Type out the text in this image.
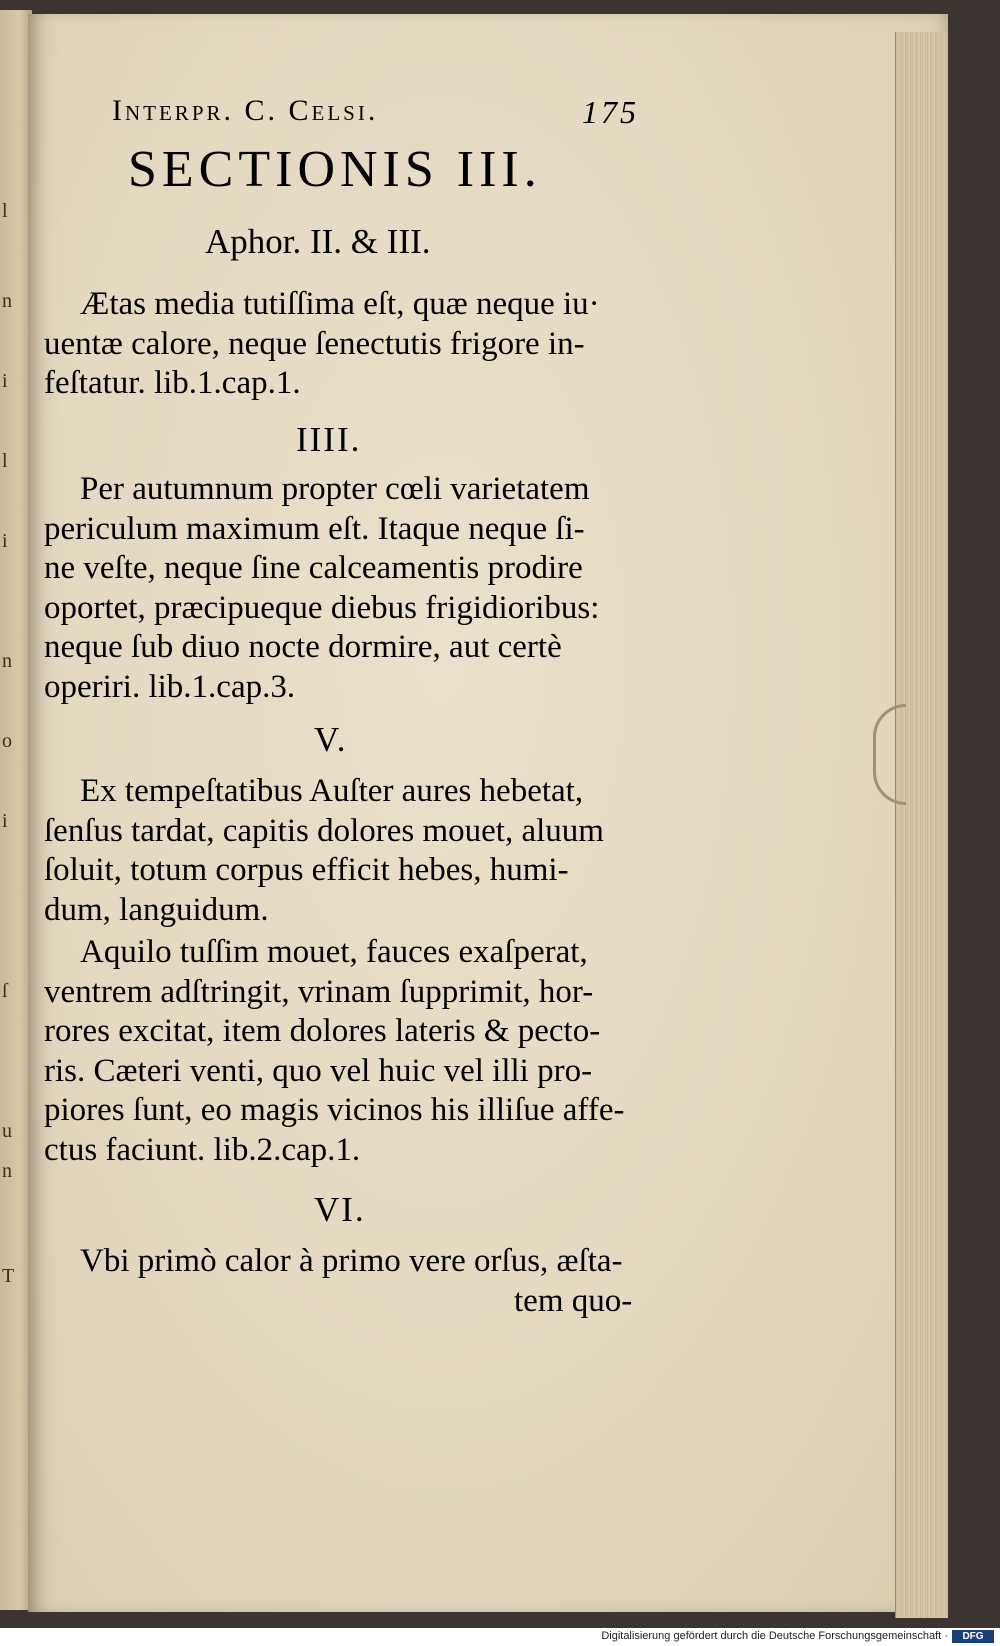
l
n
i
l
i
n
o
i
ſ
u
n
T
Interpr. C. Celsi.	175
SECTIONIS III.
Aphor. II. & III.
Ætas media tutiſſima eſt, quæ neque iu·
uentæ calore, neque ſenectutis frigore in-
feſtatur. lib.1.cap.1.
IIII.
Per autumnum propter cœli varietatem
periculum maximum eſt. Itaque neque ſi-
ne veſte, neque ſine calceamentis prodire
oportet, præcipueque diebus frigidioribus:
neque ſub diuo nocte dormire, aut certè
operiri. lib.1.cap.3.
V.
Ex tempeſtatibus Auſter aures hebetat,
ſenſus tardat, capitis dolores mouet, aluum
ſoluit, totum corpus efficit hebes, humi-
dum, languidum.
Aquilo tuſſim mouet, fauces exaſperat,
ventrem adſtringit, vrinam ſupprimit, hor-
rores excitat, item dolores lateris & pecto-
ris. Cæteri venti, quo vel huic vel illi pro-
piores ſunt, eo magis vicinos his illiſue affe-
ctus faciunt. lib.2.cap.1.
VI.
Vbi primò calor à primo vere orſus, æſta-
tem quo-
Digitalisierung gefördert durch die Deutsche Forschungsgemeinschaft ·	DFG
